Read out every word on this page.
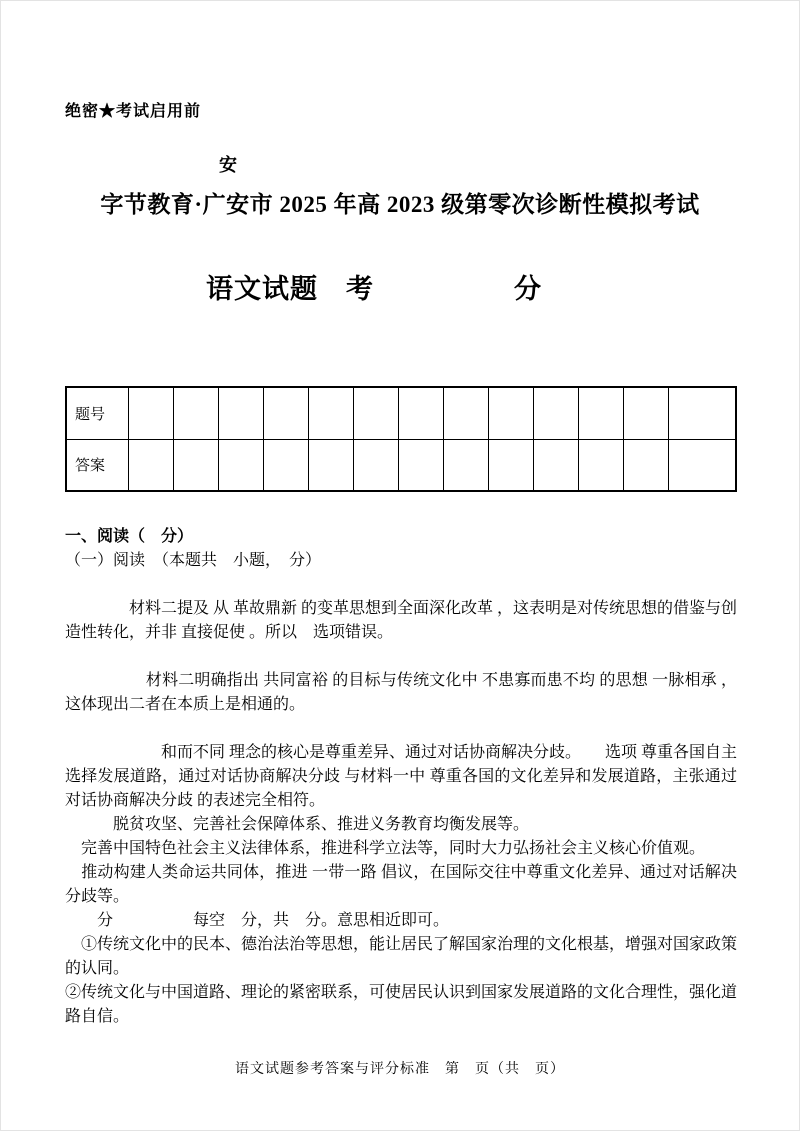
绝密★考试启用前
安
字节教育·广安市 2025 年高 2023 级第零次诊断性模拟考试
语文试题　考　　　　　分
题号													
答案													
一、阅读（　分）
（一）阅读　（本题共　小题，　分）
　　　　材料二提及 从 革故鼎新 的变革思想到全面深化改革 ，这表明是对传统思想的借鉴与创造性转化，并非 直接促使 。所以　选项错误。
　　　　　材料二明确指出 共同富裕 的目标与传统文化中 不患寡而患不均 的思想 一脉相承 ，这体现出二者在本质上是相通的。
　　　　　　和而不同 理念的核心是尊重差异、通过对话协商解决分歧。　　选项 尊重各国自主选择发展道路，通过对话协商解决分歧 与材料一中 尊重各国的文化差异和发展道路，主张通过对话协商解决分歧 的表述完全相符。
　　　脱贫攻坚、完善社会保障体系、推进义务教育均衡发展等。
　完善中国特色社会主义法律体系，推进科学立法等，同时大力弘扬社会主义核心价值观。
　推动构建人类命运共同体，推进 一带一路 倡议，在国际交往中尊重文化差异、通过对话解决分歧等。
　　分　　　　　每空　分，共　分。意思相近即可。
　①传统文化中的民本、德治法治等思想，能让居民了解国家治理的文化根基，增强对国家政策的认同。
②传统文化与中国道路、理论的紧密联系，可使居民认识到国家发展道路的文化合理性，强化道路自信。
语文试题参考答案与评分标准　第　页（共　页）
